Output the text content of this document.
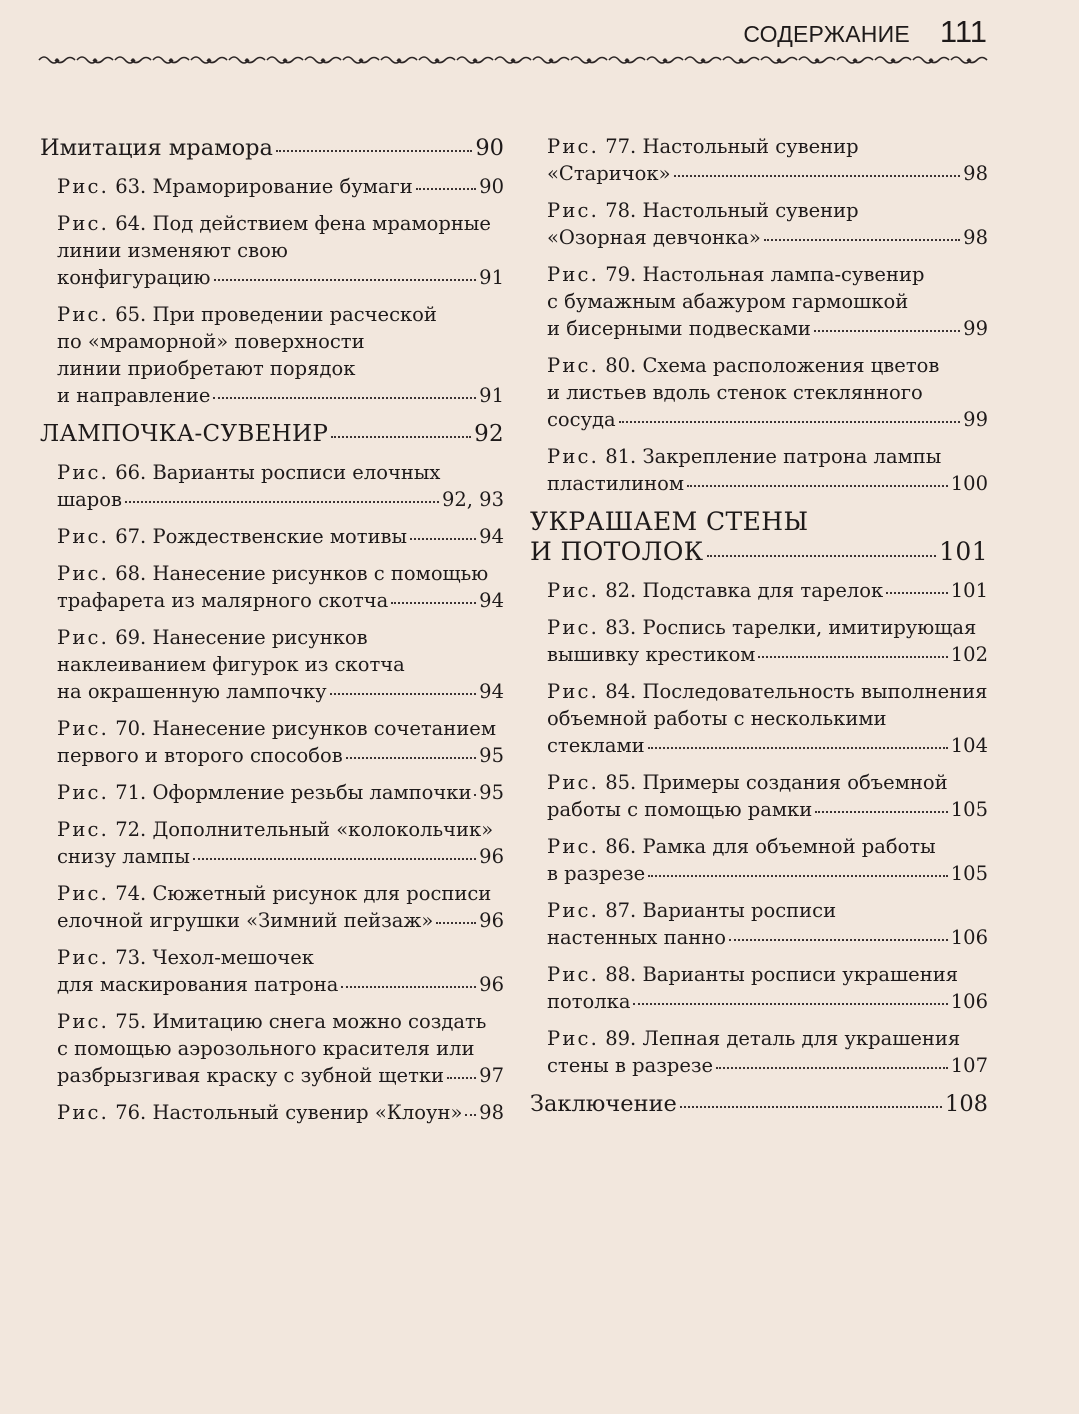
СОДЕРЖАНИЕ 111
Имитация мрамора	90
Рис. 63. Мраморирование бумаги	90
Рис. 64. Под действием фена мраморные
линии изменяют свою
конфигурацию	91
Рис. 65. При проведении расческой
по «мраморной» поверхности
линии приобретают порядок
и направление	91
ЛАМПОЧКА-СУВЕНИР	92
Рис. 66. Варианты росписи елочных
шаров	92, 93
Рис. 67. Рождественские мотивы	94
Рис. 68. Нанесение рисунков с помощью
трафарета из малярного скотча	94
Рис. 69. Нанесение рисунков
наклеиванием фигурок из скотча
на окрашенную лампочку	94
Рис. 70. Нанесение рисунков сочетанием
первого и второго способов	95
Рис. 71. Оформление резьбы лампочки 95
Рис. 72. Дополнительный «колокольчик»
снизу лампы	96
Рис. 74. Сюжетный рисунок для росписи
елочной игрушки «Зимний пейзаж» 96
Рис. 73. Чехол-мешочек
для маскирования патрона	96
Рис. 75. Имитацию снега можно создать
с помощью аэрозольного красителя или
разбрызгивая краску с зубной щетки 97
Рис. 76. Настольный сувенир «Клоун» 98
Рис. 77. Настольный сувенир
«Старичок»	98
Рис. 78. Настольный сувенир
«Озорная девчонка»	98
Рис. 79. Настольная лампа-сувенир
с бумажным абажуром гармошкой
и бисерными подвесками	99
Рис. 80. Схема расположения цветов
и листьев вдоль стенок стеклянного
сосуда	99
Рис. 81. Закрепление патрона лампы
пластилином	100
УКРАШАЕМ СТЕНЫ
И ПОТОЛОК	101
Рис. 82. Подставка для тарелок	101
Рис. 83. Роспись тарелки, имитирующая
вышивку крестиком	102
Рис. 84. Последовательность выполнения
объемной работы с несколькими
стеклами	104
Рис. 85. Примеры создания объемной
работы с помощью рамки	105
Рис. 86. Рамка для объемной работы
в разрезе	105
Рис. 87. Варианты росписи
настенных панно	106
Рис. 88. Варианты росписи украшения
потолка	106
Рис. 89. Лепная деталь для украшения
стены в разрезе	107
Заключение	108
